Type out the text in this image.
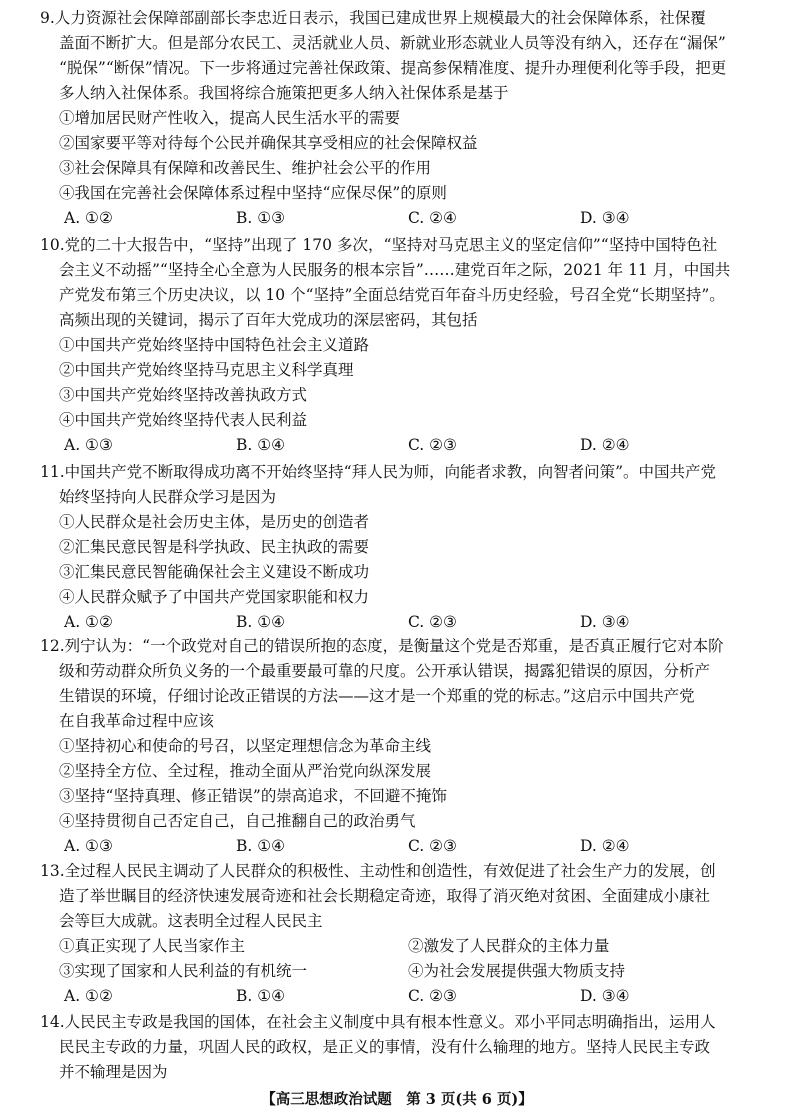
9.人力资源社会保障部副部长李忠近日表示，我国已建成世界上规模最大的社会保障体系，社保覆
盖面不断扩大。但是部分农民工、灵活就业人员、新就业形态就业人员等没有纳入，还存在“漏保”
“脱保”“断保”情况。下一步将通过完善社保政策、提高参保精准度、提升办理便利化等手段，把更
多人纳入社保体系。我国将综合施策把更多人纳入社保体系是基于
①增加居民财产性收入，提高人民生活水平的需要
②国家要平等对待每个公民并确保其享受相应的社会保障权益
③社会保障具有保障和改善民生、维护社会公平的作用
④我国在完善社会保障体系过程中坚持“应保尽保”的原则
A. ①②	B. ①③	C. ②④	D. ③④
10.党的二十大报告中，“坚持”出现了 170 多次，“坚持对马克思主义的坚定信仰”“坚持中国特色社
会主义不动摇”“坚持全心全意为人民服务的根本宗旨”……建党百年之际，2021 年 11 月，中国共
产党发布第三个历史决议，以 10 个“坚持”全面总结党百年奋斗历史经验，号召全党“长期坚持”。
高频出现的关键词，揭示了百年大党成功的深层密码，其包括
①中国共产党始终坚持中国特色社会主义道路
②中国共产党始终坚持马克思主义科学真理
③中国共产党始终坚持改善执政方式
④中国共产党始终坚持代表人民利益
A. ①③	B. ①④	C. ②③	D. ②④
11.中国共产党不断取得成功离不开始终坚持“拜人民为师，向能者求教，向智者问策”。中国共产党
始终坚持向人民群众学习是因为
①人民群众是社会历史主体，是历史的创造者
②汇集民意民智是科学执政、民主执政的需要
③汇集民意民智能确保社会主义建设不断成功
④人民群众赋予了中国共产党国家职能和权力
A. ①②	B. ①④	C. ②③	D. ③④
12.列宁认为：“一个政党对自己的错误所抱的态度，是衡量这个党是否郑重，是否真正履行它对本阶
级和劳动群众所负义务的一个最重要最可靠的尺度。公开承认错误，揭露犯错误的原因，分析产
生错误的环境，仔细讨论改正错误的方法——这才是一个郑重的党的标志。”这启示中国共产党
在自我革命过程中应该
①坚持初心和使命的号召，以坚定理想信念为革命主线
②坚持全方位、全过程，推动全面从严治党向纵深发展
③坚持“坚持真理、修正错误”的崇高追求，不回避不掩饰
④坚持贯彻自己否定自己，自己推翻自己的政治勇气
A. ①③	B. ①④	C. ②③	D. ②④
13.全过程人民民主调动了人民群众的积极性、主动性和创造性，有效促进了社会生产力的发展，创
造了举世瞩目的经济快速发展奇迹和社会长期稳定奇迹，取得了消灭绝对贫困、全面建成小康社
会等巨大成就。这表明全过程人民民主
①真正实现了人民当家作主	②激发了人民群众的主体力量
③实现了国家和人民利益的有机统一	④为社会发展提供强大物质支持
A. ①②	B. ①④	C. ②③	D. ③④
14.人民民主专政是我国的国体，在社会主义制度中具有根本性意义。邓小平同志明确指出，运用人
民民主专政的力量，巩固人民的政权，是正义的事情，没有什么输理的地方。坚持人民民主专政
并不输理是因为
【高三思想政治试题　第 3 页(共 6 页)】
